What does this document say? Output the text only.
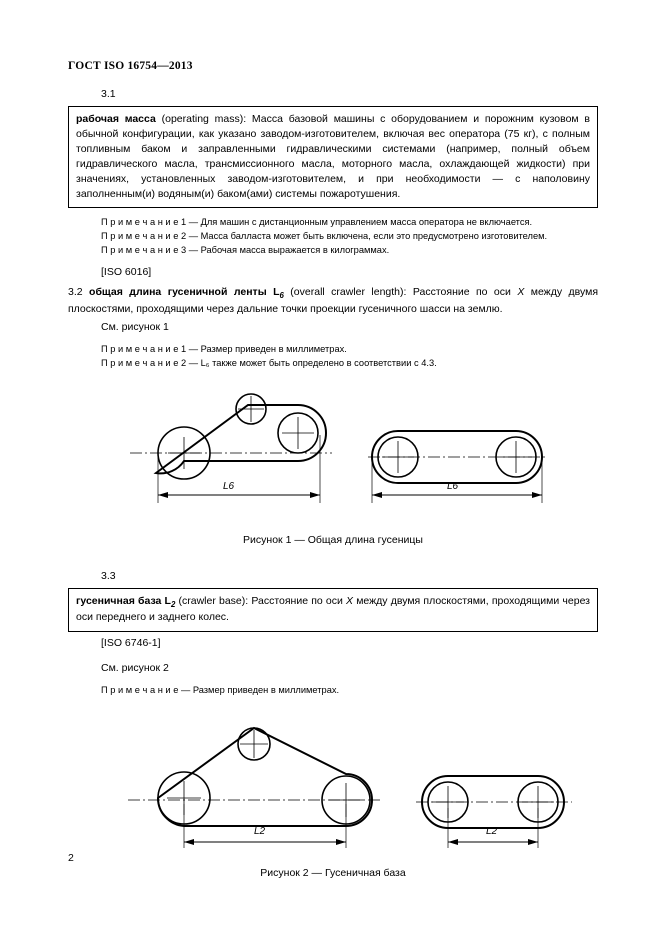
ГОСТ ISO 16754—2013
3.1
рабочая масса (operating mass): Масса базовой машины с оборудованием и порожним кузовом в обычной конфигурации, как указано заводом-изготовителем, включая вес оператора (75 кг), с полным топливным баком и заправленными гидравлическими системами (например, полный объем гидравлического масла, трансмиссионного масла, моторного масла, охлаждающей жидкости) при значениях, установленных заводом-изготовителем, и при необходимости — с наполовину заполненным(и) водяным(и) баком(ами) системы пожаротушения.
П р и м е ч а н и е 1 — Для машин с дистанционным управлением масса оператора не включается.
П р и м е ч а н и е 2 — Масса балласта может быть включена, если это предусмотрено изготовителем.
П р и м е ч а н и е 3 — Рабочая масса выражается в килограммах.
[ISO 6016]
3.2 общая длина гусеничной ленты $L_6$ (overall crawler length): Расстояние по оси X между двумя плоскостями, проходящими через дальние точки проекции гусеничного шасси на землю.
См. рисунок 1
П р и м е ч а н и е 1 — Размер приведен в миллиметрах.
П р и м е ч а н и е 2 — L₆ также может быть определено в соответствии с 4.3.
L6	L6
Рисунок 1 — Общая длина гусеницы
3.3
гусеничная база $L_2$ (crawler base): Расстояние по оси X между двумя плоскостями, проходящими через оси переднего и заднего колес.
[ISO 6746-1]
См. рисунок 2
П р и м е ч а н и е — Размер приведен в миллиметрах.
L2	L2
Рисунок 2 — Гусеничная база
2
